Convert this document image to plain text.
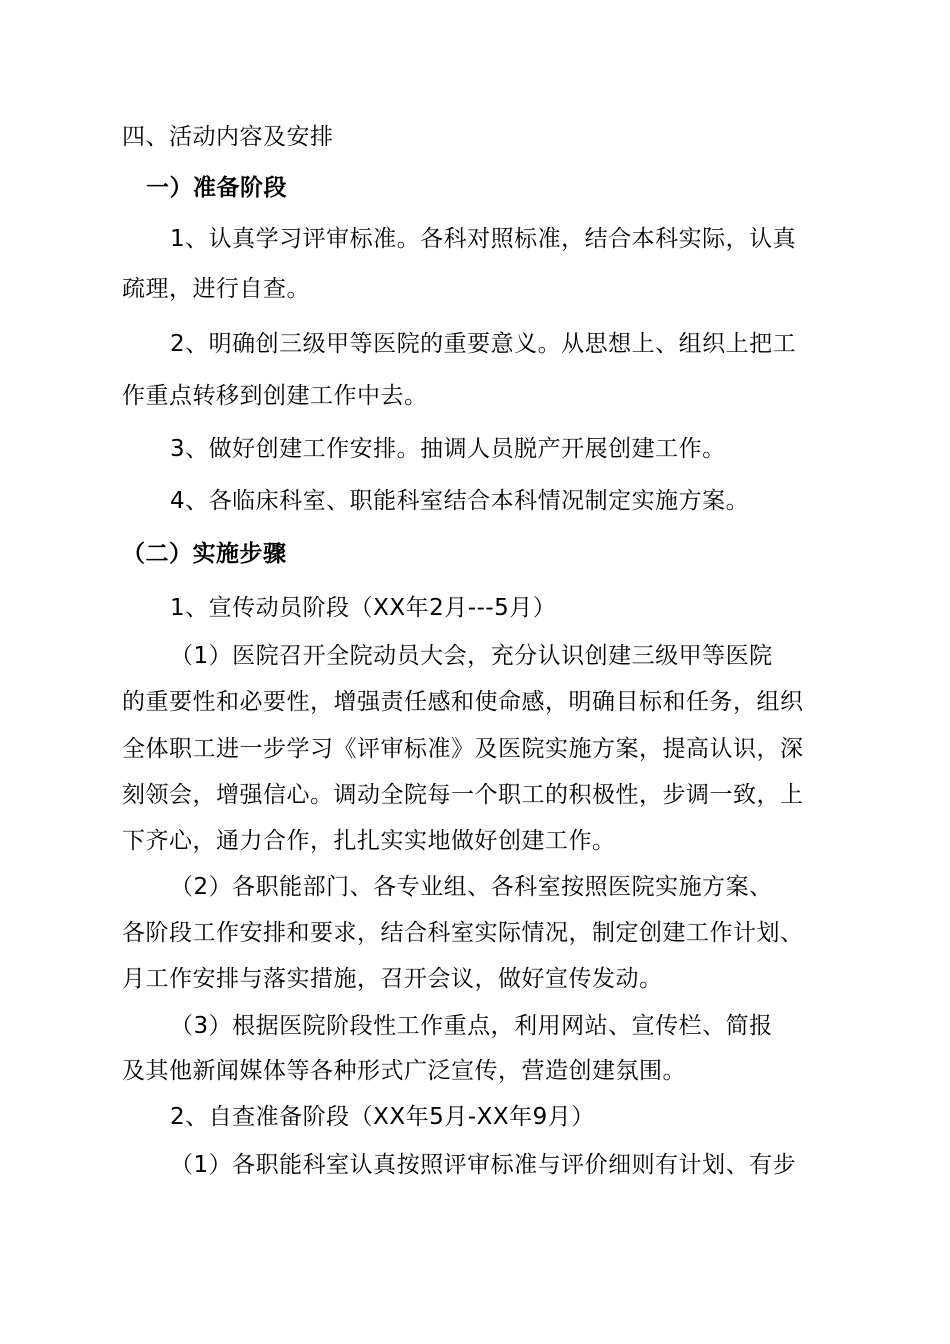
四、活动内容及安排
一）准备阶段
1、认真学习评审标准。各科对照标准，结合本科实际，认真
疏理，进行自查。
2、明确创三级甲等医院的重要意义。从思想上、组织上把工
作重点转移到创建工作中去。
3、做好创建工作安排。抽调人员脱产开展创建工作。
4、各临床科室、职能科室结合本科情况制定实施方案。
（二）实施步骤
1、宣传动员阶段（XX年2月---5月）
（1）医院召开全院动员大会，充分认识创建三级甲等医院
的重要性和必要性，增强责任感和使命感，明确目标和任务，组织
全体职工进一步学习《评审标准》及医院实施方案，提高认识，深
刻领会，增强信心。调动全院每一个职工的积极性，步调一致，上
下齐心，通力合作，扎扎实实地做好创建工作。
（2）各职能部门、各专业组、各科室按照医院实施方案、
各阶段工作安排和要求，结合科室实际情况，制定创建工作计划、
月工作安排与落实措施，召开会议，做好宣传发动。
（3）根据医院阶段性工作重点，利用网站、宣传栏、简报
及其他新闻媒体等各种形式广泛宣传，营造创建氛围。
2、自查准备阶段（XX年5月-XX年9月）
（1）各职能科室认真按照评审标准与评价细则有计划、有步
